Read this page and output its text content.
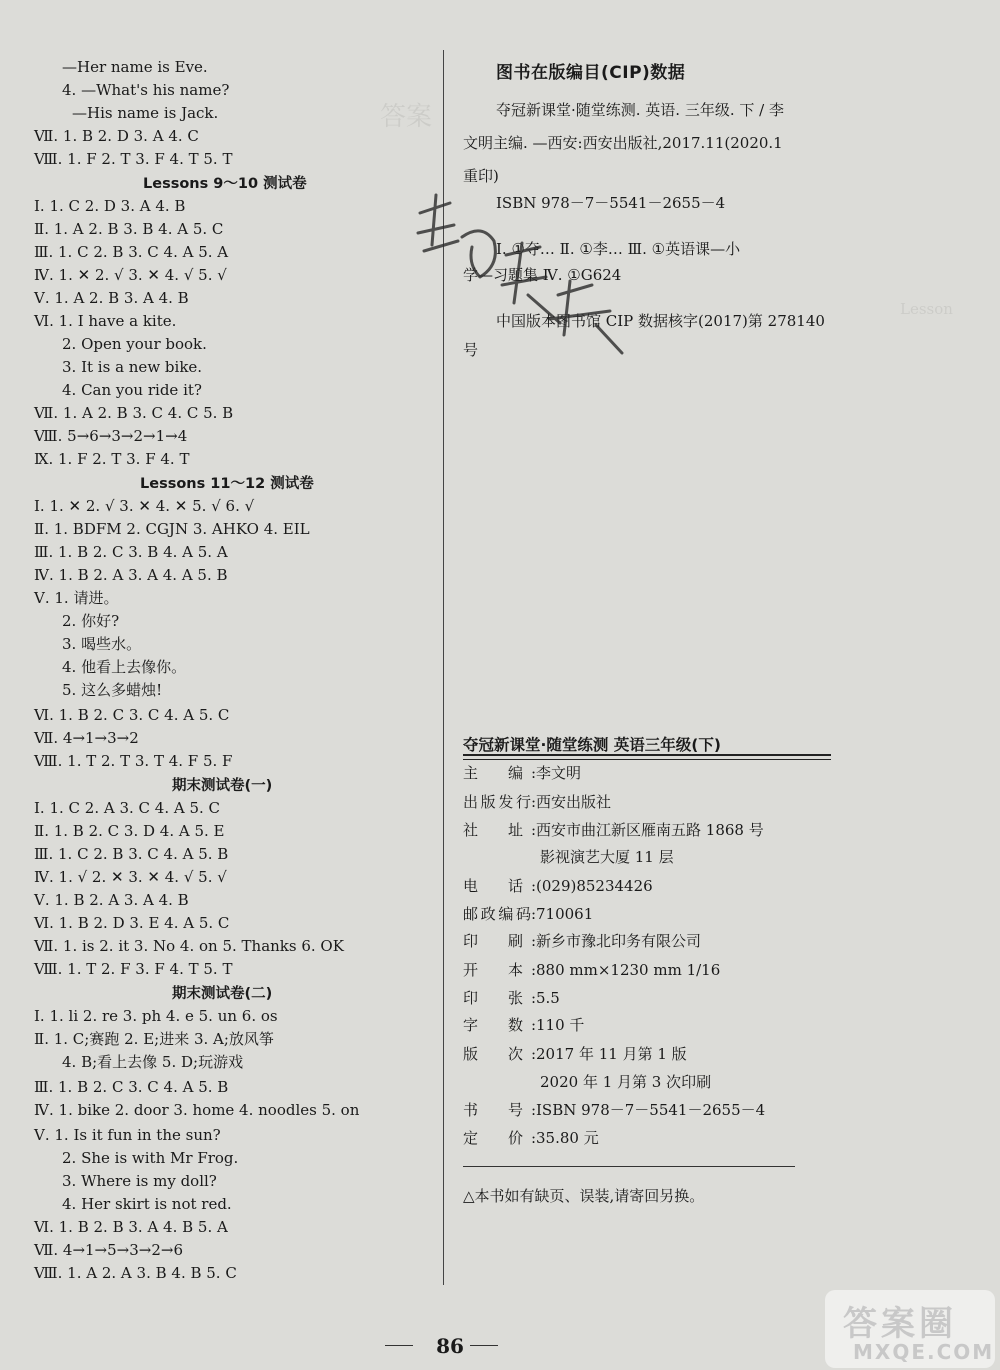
答案
Lesson
—Her name is Eve.
4. —What's his name?
—His name is Jack.
Ⅶ. 1. B 2. D 3. A 4. C
Ⅷ. 1. F 2. T 3. F 4. T 5. T
Lessons 9～10 测试卷
Ⅰ. 1. C 2. D 3. A 4. B
Ⅱ. 1. A 2. B 3. B 4. A 5. C
Ⅲ. 1. C 2. B 3. C 4. A 5. A
Ⅳ. 1. ✕ 2. √ 3. ✕ 4. √ 5. √
Ⅴ. 1. A 2. B 3. A 4. B
Ⅵ. 1. I have a kite.
2. Open your book.
3. It is a new bike.
4. Can you ride it?
Ⅶ. 1. A 2. B 3. C 4. C 5. B
Ⅷ. 5→6→3→2→1→4
Ⅸ. 1. F 2. T 3. F 4. T
Lessons 11～12 测试卷
Ⅰ. 1. ✕ 2. √ 3. ✕ 4. ✕ 5. √ 6. √
Ⅱ. 1. BDFM 2. CGJN 3. AHKO 4. EIL
Ⅲ. 1. B 2. C 3. B 4. A 5. A
Ⅳ. 1. B 2. A 3. A 4. A 5. B
Ⅴ. 1. 请进。
2. 你好?
3. 喝些水。
4. 他看上去像你。
5. 这么多蜡烛!
Ⅵ. 1. B 2. C 3. C 4. A 5. C
Ⅶ. 4→1→3→2
Ⅷ. 1. T 2. T 3. T 4. F 5. F
期末测试卷(一)
Ⅰ. 1. C 2. A 3. C 4. A 5. C
Ⅱ. 1. B 2. C 3. D 4. A 5. E
Ⅲ. 1. C 2. B 3. C 4. A 5. B
Ⅳ. 1. √ 2. ✕ 3. ✕ 4. √ 5. √
Ⅴ. 1. B 2. A 3. A 4. B
Ⅵ. 1. B 2. D 3. E 4. A 5. C
Ⅶ. 1. is 2. it 3. No 4. on 5. Thanks 6. OK
Ⅷ. 1. T 2. F 3. F 4. T 5. T
期末测试卷(二)
Ⅰ. 1. li 2. re 3. ph 4. e 5. un 6. os
Ⅱ. 1. C;赛跑 2. E;进来 3. A;放风筝
4. B;看上去像 5. D;玩游戏
Ⅲ. 1. B 2. C 3. C 4. A 5. B
Ⅳ. 1. bike 2. door 3. home 4. noodles 5. on
Ⅴ. 1. Is it fun in the sun?
2. She is with Mr Frog.
3. Where is my doll?
4. Her skirt is not red.
Ⅵ. 1. B 2. B 3. A 4. B 5. A
Ⅶ. 4→1→5→3→2→6
Ⅷ. 1. A 2. A 3. B 4. B 5. C
图书在版编目(CIP)数据
夺冠新课堂·随堂练测. 英语. 三年级. 下 / 李
文明主编. —西安:西安出版社,2017.11(2020.1
重印)
ISBN 978－7－5541－2655－4
Ⅰ. ①夺… Ⅱ. ①李… Ⅲ. ①英语课—小
学—习题集 Ⅳ. ①G624
中国版本图书馆 CIP 数据核字(2017)第 278140
号
夺冠新课堂·随堂练测 英语三年级(下)
主 编 : 李文明
出 版 发 行 : 西安出版社
社 址 : 西安市曲江新区雁南五路 1868 号
影视演艺大厦 11 层
电 话 : (029)85234426
邮 政 编 码 : 710061
印 刷 : 新乡市豫北印务有限公司
开 本 : 880 mm×1230 mm 1/16
印 张 : 5.5
字 数 : 110 千
版 次 : 2017 年 11 月第 1 版
2020 年 1 月第 3 次印刷
书 号 : ISBN 978－7－5541－2655－4
定 价 : 35.80 元
△本书如有缺页、误装,请寄回另换。
86
答案圈
MXQE.COM
